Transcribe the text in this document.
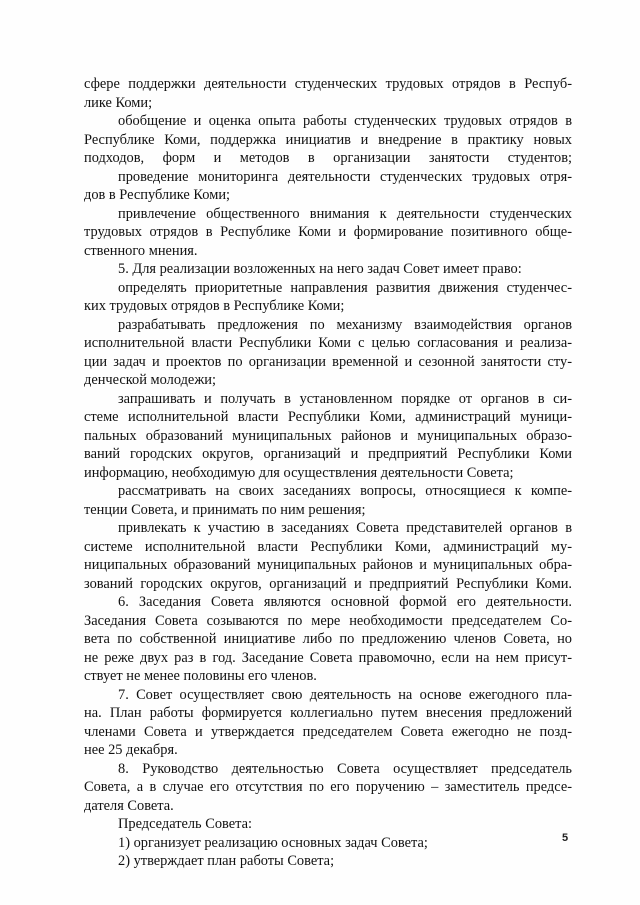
сфере поддержки деятельности студенческих трудовых отрядов в Респуб-
лике Коми;
обобщение и оценка опыта работы студенческих трудовых отрядов в
Республике Коми, поддержка инициатив и внедрение в практику новых
подходов, форм и методов в организации занятости студентов;
проведение мониторинга деятельности студенческих трудовых отря-
дов в Республике Коми;
привлечение общественного внимания к деятельности студенческих
трудовых отрядов в Республике Коми и формирование позитивного обще-
ственного мнения.
5. Для реализации возложенных на него задач Совет имеет право:
определять приоритетные направления развития движения студенчес-
ких трудовых отрядов в Республике Коми;
разрабатывать предложения по механизму взаимодействия органов
исполнительной власти Республики Коми с целью согласования и реализа-
ции задач и проектов по организации временной и сезонной занятости сту-
денческой молодежи;
запрашивать и получать в установленном порядке от органов в си-
стеме исполнительной власти Республики Коми, администраций муници-
пальных образований муниципальных районов и муниципальных образо-
ваний городских округов, организаций и предприятий Республики Коми
информацию, необходимую для осуществления деятельности Совета;
рассматривать на своих заседаниях вопросы, относящиеся к компе-
тенции Совета, и принимать по ним решения;
привлекать к участию в заседаниях Совета представителей органов в
системе исполнительной власти Республики Коми, администраций му-
ниципальных образований муниципальных районов и муниципальных обра-
зований городских округов, организаций и предприятий Республики Коми.
6. Заседания Совета являются основной формой его деятельности.
Заседания Совета созываются по мере необходимости председателем Со-
вета по собственной инициативе либо по предложению членов Совета, но
не реже двух раз в год. Заседание Совета правомочно, если на нем присут-
ствует не менее половины его членов.
7. Совет осуществляет свою деятельность на основе ежегодного пла-
на. План работы формируется коллегиально путем внесения предложений
членами Совета и утверждается председателем Совета ежегодно не позд-
нее 25 декабря.
8. Руководство деятельностью Совета осуществляет председатель
Совета, а в случае его отсутствия по его поручению – заместитель предсе-
дателя Совета.
Председатель Совета:
1) организует реализацию основных задач Совета;
2) утверждает план работы Совета;
5
